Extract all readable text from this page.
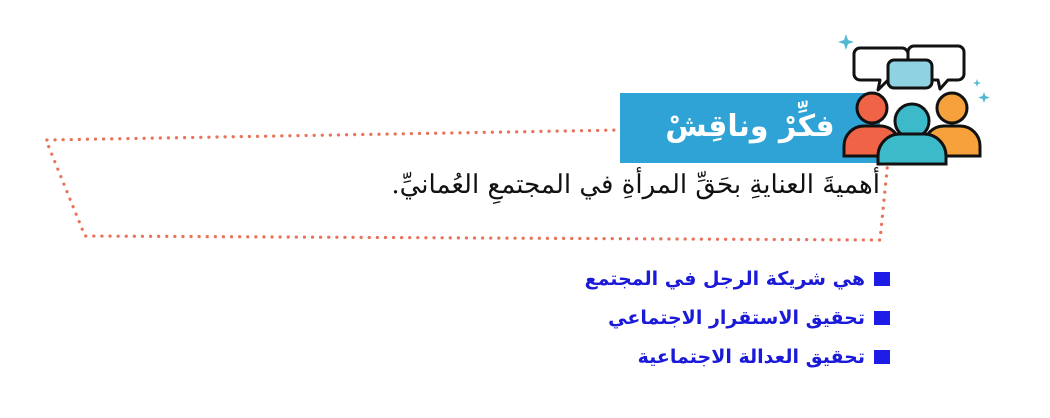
فكِّرْ وناقِشْ
أهميةَ العنايةِ بحَقِّ المرأةِ في المجتمعِ العُمانيِّ.
هي شريكة الرجل في المجتمع
تحقيق الاستقرار الاجتماعي
تحقيق العدالة الاجتماعية
